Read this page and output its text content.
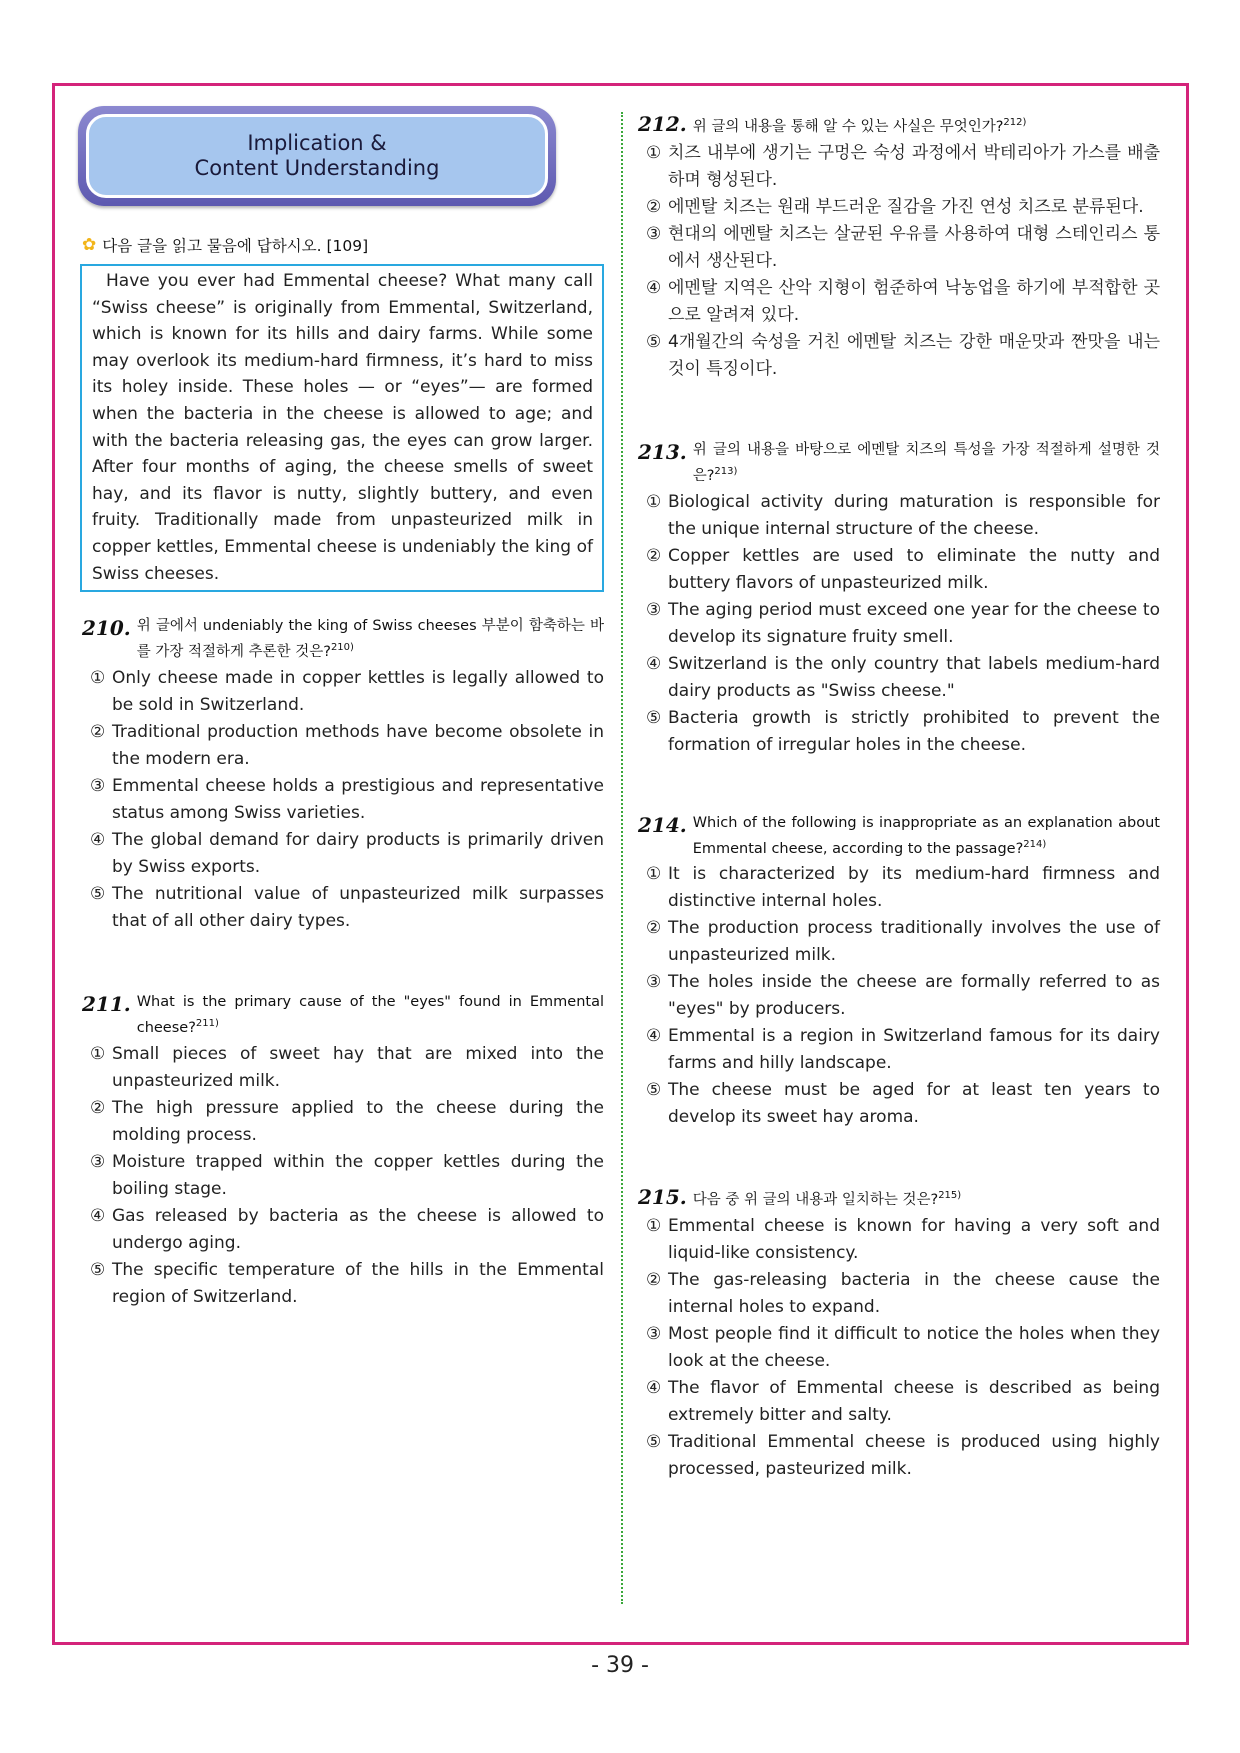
Implication &
Content Understanding
✿ 다음 글을 읽고 물음에 답하시오. [109]
Have you ever had Emmental cheese? What many call “Swiss cheese” is originally from Emmental, Switzerland, which is known for its hills and dairy farms. While some may overlook its medium-hard firmness, it’s hard to miss its holey inside. These holes — or “eyes”— are formed when the bacteria in the cheese is allowed to age; and with the bacteria releasing gas, the eyes can grow larger. After four months of aging, the cheese smells of sweet hay, and its flavor is nutty, slightly buttery, and even fruity. Traditionally made from unpasteurized milk in copper kettles, Emmental cheese is undeniably the king of Swiss cheeses.
210. 위 글에서 undeniably the king of Swiss cheeses 부분이 함축하는 바를 가장 적절하게 추론한 것은?$^{210)}$
① Only cheese made in copper kettles is legally allowed to be sold in Switzerland.
② Traditional production methods have become obsolete in the modern era.
③ Emmental cheese holds a prestigious and representative status among Swiss varieties.
④ The global demand for dairy products is primarily driven by Swiss exports.
⑤ The nutritional value of unpasteurized milk surpasses that of all other dairy types.
211. What is the primary cause of the "eyes" found in Emmental cheese?$^{211)}$
① Small pieces of sweet hay that are mixed into the unpasteurized milk.
② The high pressure applied to the cheese during the molding process.
③ Moisture trapped within the copper kettles during the boiling stage.
④ Gas released by bacteria as the cheese is allowed to undergo aging.
⑤ The specific temperature of the hills in the Emmental region of Switzerland.
212. 위 글의 내용을 통해 알 수 있는 사실은 무엇인가?$^{212)}$
① 치즈 내부에 생기는 구멍은 숙성 과정에서 박테리아가 가스를 배출하며 형성된다.
② 에멘탈 치즈는 원래 부드러운 질감을 가진 연성 치즈로 분류된다.
③ 현대의 에멘탈 치즈는 살균된 우유를 사용하여 대형 스테인리스 통에서 생산된다.
④ 에멘탈 지역은 산악 지형이 험준하여 낙농업을 하기에 부적합한 곳으로 알려져 있다.
⑤ 4개월간의 숙성을 거친 에멘탈 치즈는 강한 매운맛과 짠맛을 내는 것이 특징이다.
213. 위 글의 내용을 바탕으로 에멘탈 치즈의 특성을 가장 적절하게 설명한 것은?$^{213)}$
① Biological activity during maturation is responsible for the unique internal structure of the cheese.
② Copper kettles are used to eliminate the nutty and buttery flavors of unpasteurized milk.
③ The aging period must exceed one year for the cheese to develop its signature fruity smell.
④ Switzerland is the only country that labels medium-hard dairy products as "Swiss cheese."
⑤ Bacteria growth is strictly prohibited to prevent the formation of irregular holes in the cheese.
214. Which of the following is inappropriate as an explanation about Emmental cheese, according to the passage?$^{214)}$
① It is characterized by its medium-hard firmness and distinctive internal holes.
② The production process traditionally involves the use of unpasteurized milk.
③ The holes inside the cheese are formally referred to as "eyes" by producers.
④ Emmental is a region in Switzerland famous for its dairy farms and hilly landscape.
⑤ The cheese must be aged for at least ten years to develop its sweet hay aroma.
215. 다음 중 위 글의 내용과 일치하는 것은?$^{215)}$
① Emmental cheese is known for having a very soft and liquid-like consistency.
② The gas-releasing bacteria in the cheese cause the internal holes to expand.
③ Most people find it difficult to notice the holes when they look at the cheese.
④ The flavor of Emmental cheese is described as being extremely bitter and salty.
⑤ Traditional Emmental cheese is produced using highly processed, pasteurized milk.
- 39 -
